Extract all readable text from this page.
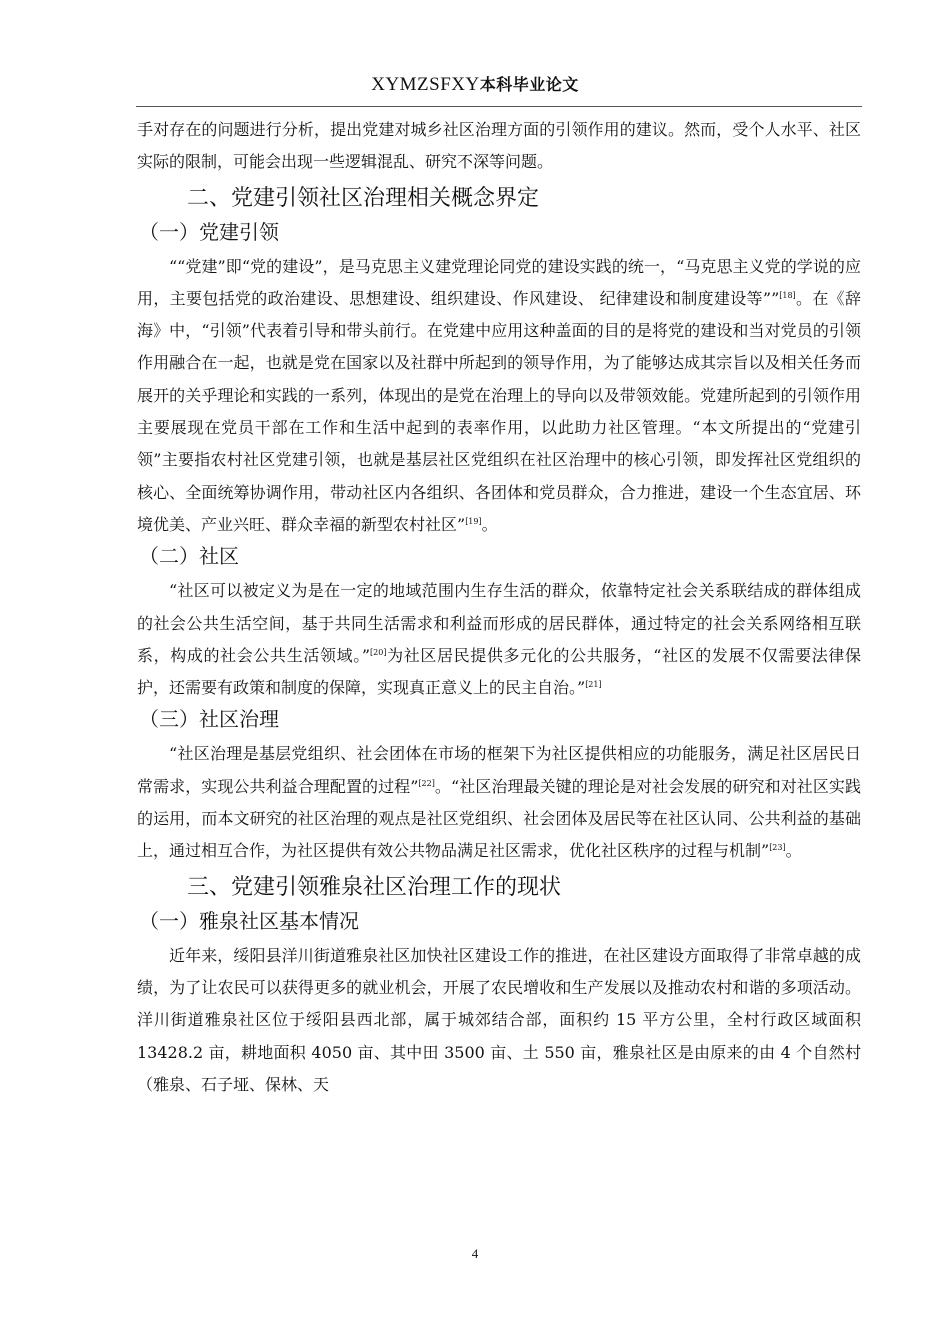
XYMZSFXY本科毕业论文

手对存在的问题进行分析，提出党建对城乡社区治理方面的引领作用的建议。然而，受个人水平、社区实际的限制，可能会出现一些逻辑混乱、研究不深等问题。

二、党建引领社区治理相关概念界定
（一）党建引领

““党建”即“党的建设”，是马克思主义建党理论同党的建设实践的统一，“马克思主义党的学说的应用，主要包括党的政治建设、思想建设、组织建设、作风建设、 纪律建设和制度建设等””[18]。在《辞海》中，“引领”代表着引导和带头前行。在党建中应用这种盖面的目的是将党的建设和当对党员的引领作用融合在一起，也就是党在国家以及社群中所起到的领导作用，为了能够达成其宗旨以及相关任务而展开的关乎理论和实践的一系列，体现出的是党在治理上的导向以及带领效能。党建所起到的引领作用主要展现在党员干部在工作和生活中起到的表率作用，以此助力社区管理。“本文所提出的“党建引领”主要指农村社区党建引领，也就是基层社区党组织在社区治理中的核心引领，即发挥社区党组织的核心、全面统筹协调作用，带动社区内各组织、各团体和党员群众，合力推进，建设一个生态宜居、环境优美、产业兴旺、群众幸福的新型农村社区”[19]。

（二）社区

“社区可以被定义为是在一定的地域范围内生存生活的群众，依靠特定社会关系联结成的群体组成的社会公共生活空间，基于共同生活需求和利益而形成的居民群体，通过特定的社会关系网络相互联系，构成的社会公共生活领域。”[20]为社区居民提供多元化的公共服务，“社区的发展不仅需要法律保护，还需要有政策和制度的保障，实现真正意义上的民主自治。”[21]

（三）社区治理

“社区治理是基层党组织、社会团体在市场的框架下为社区提供相应的功能服务，满足社区居民日常需求，实现公共利益合理配置的过程”[22]。“社区治理最关键的理论是对社会发展的研究和对社区实践的运用，而本文研究的社区治理的观点是社区党组织、社会团体及居民等在社区认同、公共利益的基础上，通过相互合作，为社区提供有效公共物品满足社区需求，优化社区秩序的过程与机制”[23]。

三、党建引领雅泉社区治理工作的现状
（一）雅泉社区基本情况

近年来，绥阳县洋川街道雅泉社区加快社区建设工作的推进，在社区建设方面取得了非常卓越的成绩，为了让农民可以获得更多的就业机会，开展了农民增收和生产发展以及推动农村和谐的多项活动。洋川街道雅泉社区位于绥阳县西北部，属于城郊结合部，面积约 15 平方公里，全村行政区域面积 13428.2 亩，耕地面积 4050 亩、其中田 3500 亩、土 550 亩，雅泉社区是由原来的由 4 个自然村（雅泉、石子垭、保林、天

4
